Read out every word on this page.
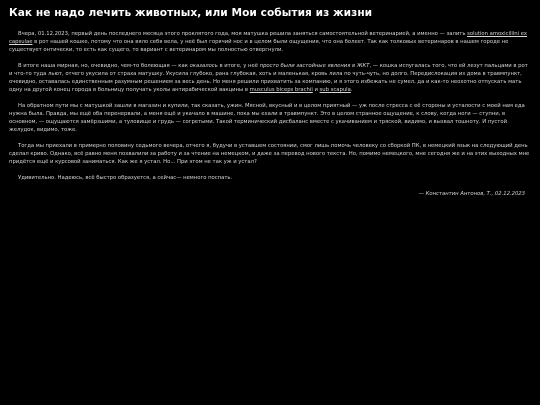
Как не надо лечить животных, или Мои события из жизни

Вчера, 01.12.2023, первый день последнего месяца этого проклятого года, моя матушка решила заняться самостоятельной ветеринарией, а именно — залить solution amoxicillini ex capsulae в рот нашей кошке, потому что она вяло себя вела, у неё был горячий нос и в целом были ощущения, что она болеет. Так как толковых ветеринаров в нашем городе не существует онтически, то есть как сущего, то вариант с ветеринаром мы полностью отвергнули.

В итоге наша мирная, но, очевидно, чем-то болеющая — как оказалось в итоге, у неё просто были застойные явления в ЖКТ, — кошка испугалась того, что ей лезут пальцами в рот и что-то туда льют, отчего укусила от страха матушку. Укусила глубоко, рана глубокая, хоть и маленькая, кровь лила по чуть-чуть, но долго. Передислокация из дома в травмпункт, очевидно, оставалась единственным разумным решением за весь день. Но меня решили прихватить за компанию, и я этого избежать не сумел, да и как-то неохотно отпускать мать одну на другой конец города в больницу получать уколы антирабической вакцины в musculus biceps brachii и sub scapula.

На обратном пути мы с матушкой зашли в магазин и купили, так сказать, ужин. Мясной, вкусный и в целом приятный — уж после стресса с её стороны и усталости с моей нам еда нужна была. Правда, мы ещё оба перенервали, а меня ещё и укачало в машине, пока мы ехали в травмпункт. Это в целом странное ощущение, к слову, когда ноги — ступни, в основном, — ощущаются замёрзшими, а туловище и грудь — согретыми. Такой терминический дисбаланс вместе с укачиванием и тряской, видимо, и вызвал тошноту. И пустой желудок, видимо, тоже.

Тогда мы приехали в примерно половину седьмого вечера, отчего я, будучи в уставшем состоянии, смог лишь помочь человеку со сборкой ПК, в немецкий язык на следующий день сделал криво. Однако, всё равно меня похвалили за работу и за чтение на немецком, и даже за перевод нового текста. Но, помимо немецкого, мне сегодня же и на этих выходных мне придётся ещё и курсовой заниматься. Как же я устал. Но... При этом не так уж и устал?

Удивительно. Надеюсь, всё быстро образуется, а сейчас— немного поспать.

— Константин Антонов, Т., 02.12.2023
